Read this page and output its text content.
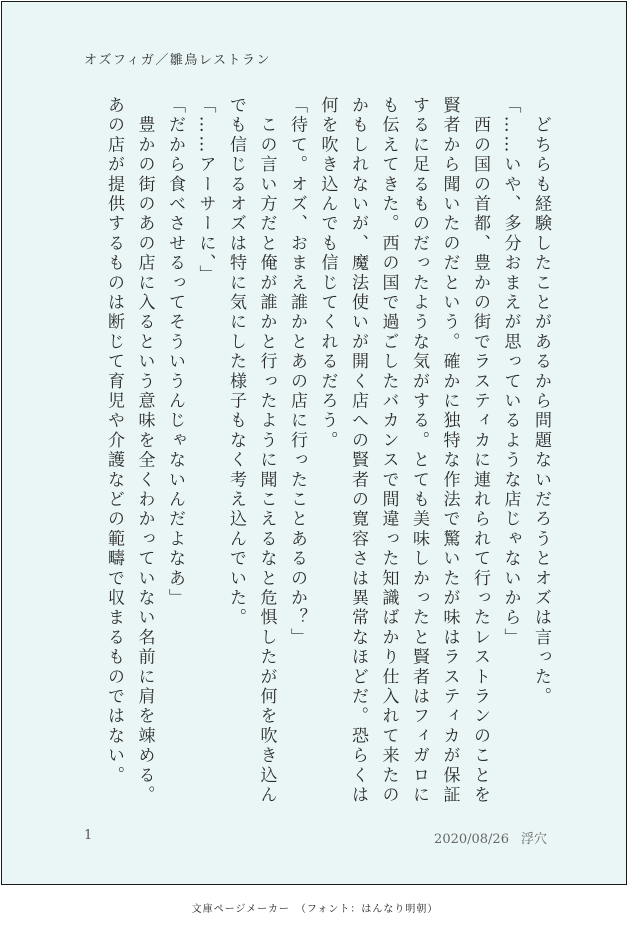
オズフィガ／雛鳥レストラン

　どちらも経験したことがあるから問題ないだろうとオズは言った。

「……いや、多分おまえが思っているような店じゃないから」

　西の国の首都、豊かの街でラスティカに連れられて行ったレストランのことを

賢者から聞いたのだという。確かに独特な作法で驚いたが味はラスティカが保証

するに足るものだったような気がする。とても美味しかったと賢者はフィガロに

も伝えてきた。西の国で過ごしたバカンスで間違った知識ばかり仕入れて来たの

かもしれないが、魔法使いが開く店への賢者の寛容さは異常なほどだ。恐らくは

何を吹き込んでも信じてくれるだろう。

「待て。オズ、おまえ誰かとあの店に行ったことあるのか？」

　この言い方だと俺が誰かと行ったように聞こえるなと危惧したが何を吹き込ん

でも信じるオズは特に気にした様子もなく考え込んでいた。

「……アーサーに、」

「だから食べさせるってそういうんじゃないんだよなあ」

　豊かの街のあの店に入るという意味を全くわかっていない名前に肩を竦める。

あの店が提供するものは断じて育児や介護などの範疇で収まるものではない。

1	2020/08/26 浮穴
文庫ページメーカー　（フォント：はんなり明朝）
